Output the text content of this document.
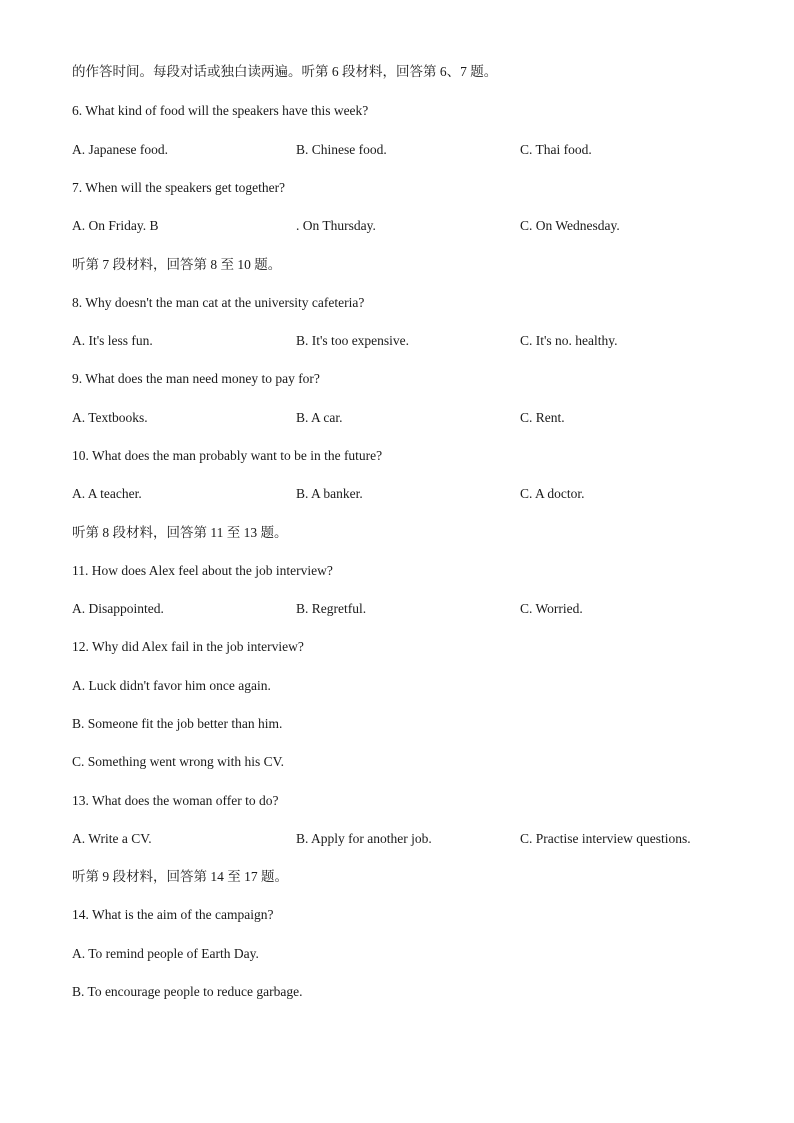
的作答时间。每段对话或独白读两遍。听第 6 段材料，回答第 6、7 题。
6. What kind of food will the speakers have this week?
A. Japanese food.	B. Chinese food.	C. Thai food.
7. When will the speakers get together?
A. On Friday. B	. On Thursday.	C. On Wednesday.
听第 7 段材料，回答第 8 至 10 题。
8. Why doesn't the man cat at the university cafeteria?
A. It's less fun.	B. It's too expensive.	C. It's no. healthy.
9. What does the man need money to pay for?
A. Textbooks.	B. A car.	C. Rent.
10. What does the man probably want to be in the future?
A. A teacher.	B. A banker.	C. A doctor.
听第 8 段材料，回答第 11 至 13 题。
11. How does Alex feel about the job interview?
A. Disappointed.	B. Regretful.	C. Worried.
12. Why did Alex fail in the job interview?
A. Luck didn't favor him once again.
B. Someone fit the job better than him.
C. Something went wrong with his CV.
13. What does the woman offer to do?
A. Write a CV.	B. Apply for another job.	C. Practise interview questions.
听第 9 段材料，回答第 14 至 17 题。
14. What is the aim of the campaign?
A. To remind people of Earth Day.
B. To encourage people to reduce garbage.
